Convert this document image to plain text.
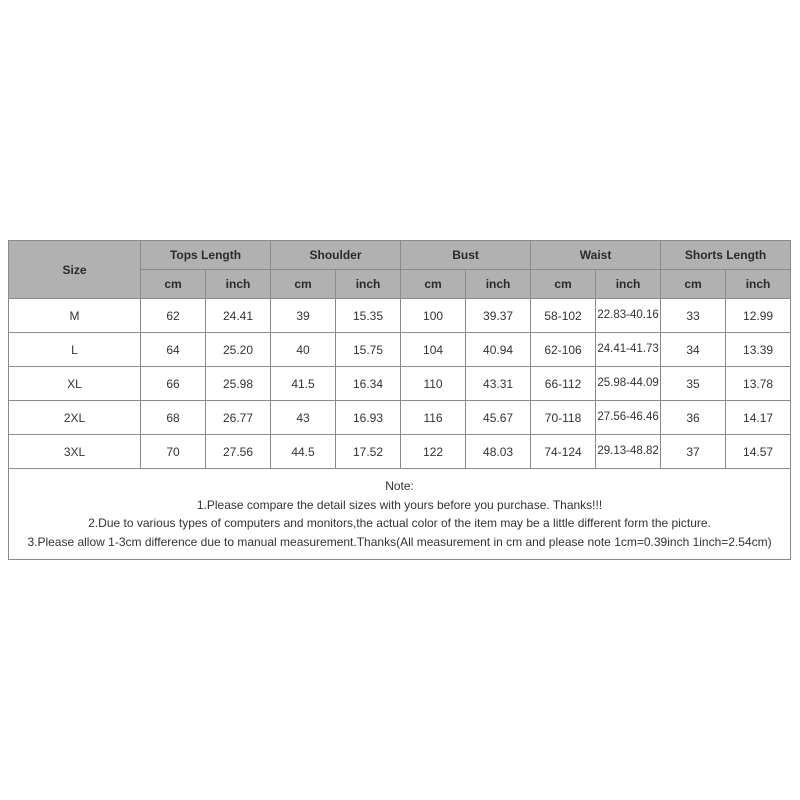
Size	Tops Length		Shoulder		Bust		Waist		Shorts Length	
	cm	inch	cm	inch	cm	inch	cm	inch	cm	inch
M	62	24.41	39	15.35	100	39.37	58-102	22.83-40.16	33	12.99
L	64	25.20	40	15.75	104	40.94	62-106	24.41-41.73	34	13.39
XL	66	25.98	41.5	16.34	110	43.31	66-112	25.98-44.09	35	13.78
2XL	68	26.77	43	16.93	116	45.67	70-118	27.56-46.46	36	14.17
3XL	70	27.56	44.5	17.52	122	48.03	74-124	29.13-48.82	37	14.57

Note:
1.Please compare the detail sizes with yours before you purchase. Thanks!!!
2.Due to various types of computers and monitors,the actual color of the item may be a little different form the picture.
3.Please allow 1-3cm difference due to manual measurement.Thanks(All measurement in cm and please note 1cm=0.39inch 1inch=2.54cm)										
